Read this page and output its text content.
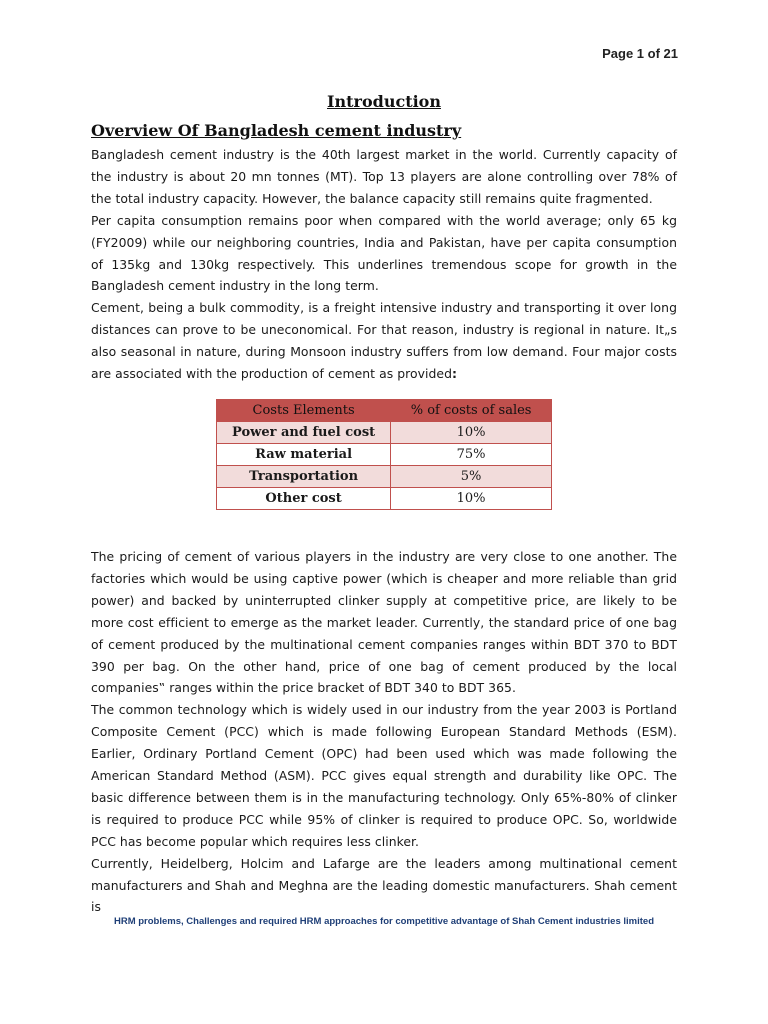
Page 1 of 21
Introduction
Overview Of Bangladesh cement industry

Bangladesh cement industry is the 40th largest market in the world. Currently capacity of the industry is about 20 mn tonnes (MT). Top 13 players are alone controlling over 78% of the total industry capacity. However, the balance capacity still remains quite fragmented.

Per capita consumption remains poor when compared with the world average; only 65 kg (FY2009) while our neighboring countries, India and Pakistan, have per capita consumption of 135kg and 130kg respectively. This underlines tremendous scope for growth in the Bangladesh cement industry in the long term.

Cement, being a bulk commodity, is a freight intensive industry and transporting it over long distances can prove to be uneconomical. For that reason, industry is regional in nature. It„s also seasonal in nature, during Monsoon industry suffers from low demand. Four major costs are associated with the production of cement as provided:

Costs Elements	% of costs of sales
Power and fuel cost	10%
Raw material	75%
Transportation	5%
Other cost	10%

The pricing of cement of various players in the industry are very close to one another. The factories which would be using captive power (which is cheaper and more reliable than grid power) and backed by uninterrupted clinker supply at competitive price, are likely to be more cost efficient to emerge as the market leader. Currently, the standard price of one bag of cement produced by the multinational cement companies ranges within BDT 370 to BDT 390 per bag. On the other hand, price of one bag of cement produced by the local companies‟ ranges within the price bracket of BDT 340 to BDT 365.

The common technology which is widely used in our industry from the year 2003 is Portland Composite Cement (PCC) which is made following European Standard Methods (ESM). Earlier, Ordinary Portland Cement (OPC) had been used which was made following the American Standard Method (ASM). PCC gives equal strength and durability like OPC. The basic difference between them is in the manufacturing technology. Only 65%-80% of clinker is required to produce PCC while 95% of clinker is required to produce OPC. So, worldwide PCC has become popular which requires less clinker.

Currently, Heidelberg, Holcim and Lafarge are the leaders among multinational cement manufacturers and Shah and Meghna are the leading domestic manufacturers. Shah cement is

HRM problems, Challenges and required HRM approaches for competitive advantage of Shah Cement industries limited
